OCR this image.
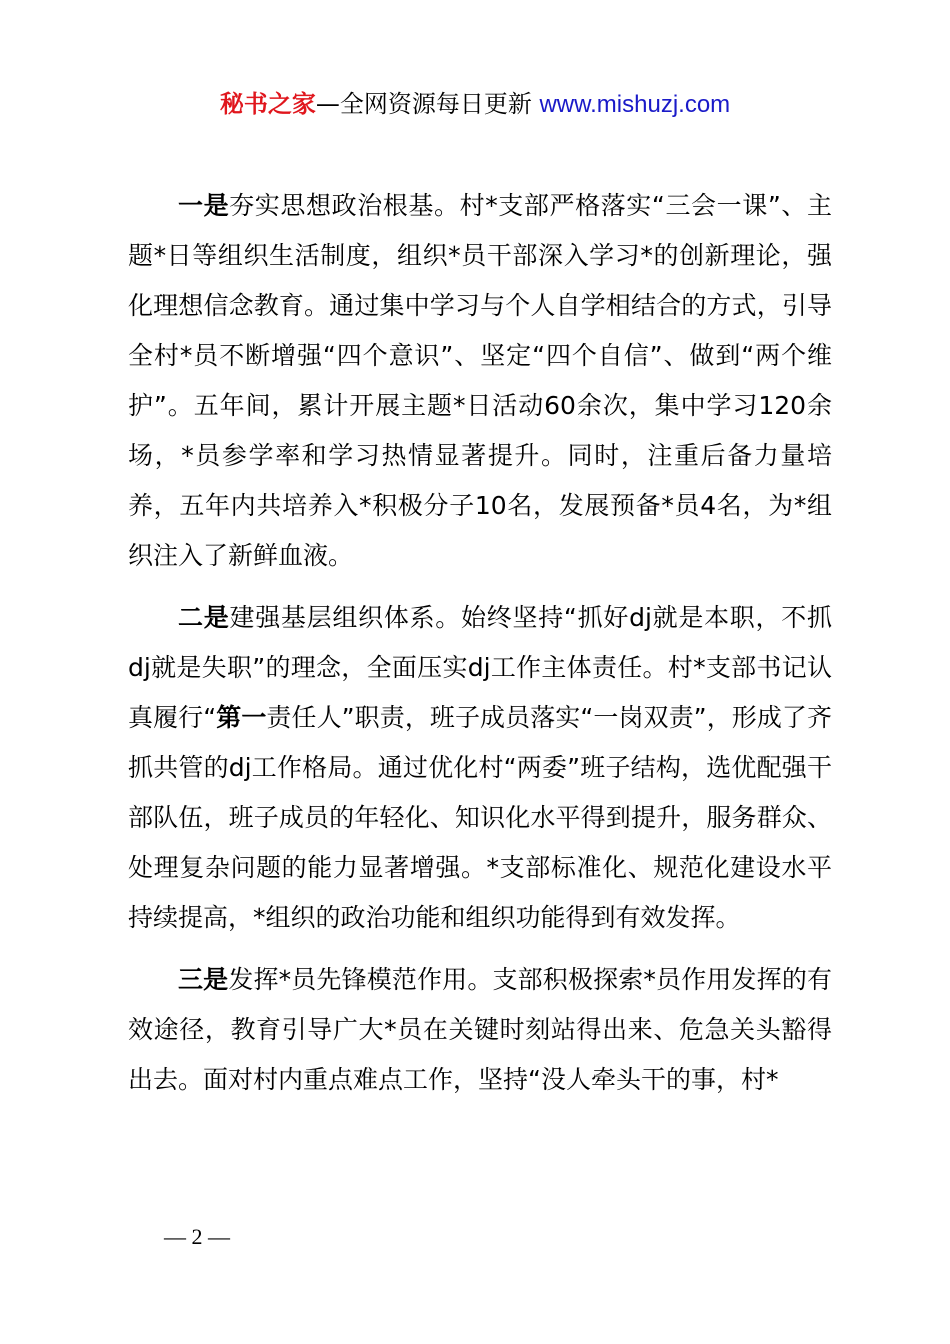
秘书之家—全网资源每日更新 www.mishuzj.com

一是夯实思想政治根基。村*支部严格落实“三会一课”、主题*日等组织生活制度，组织*员干部深入学习*的创新理论，强化理想信念教育。通过集中学习与个人自学相结合的方式，引导全村*员不断增强“四个意识”、坚定“四个自信”、做到“两个维护”。五年间，累计开展主题*日活动60余次，集中学习120余场，*员参学率和学习热情显著提升。同时，注重后备力量培养，五年内共培养入*积极分子10名，发展预备*员4名，为*组织注入了新鲜血液。

二是建强基层组织体系。始终坚持“抓好dj就是本职，不抓dj就是失职”的理念，全面压实dj工作主体责任。村*支部书记认真履行“第一责任人”职责，班子成员落实“一岗双责”，形成了齐抓共管的dj工作格局。通过优化村“两委”班子结构，选优配强干部队伍，班子成员的年轻化、知识化水平得到提升，服务群众、处理复杂问题的能力显著增强。*支部标准化、规范化建设水平持续提高，*组织的政治功能和组织功能得到有效发挥。

三是发挥*员先锋模范作用。支部积极探索*员作用发挥的有效途径，教育引导广大*员在关键时刻站得出来、危急关头豁得出去。面对村内重点难点工作，坚持“没人牵头干的事，村*

— 2 —
